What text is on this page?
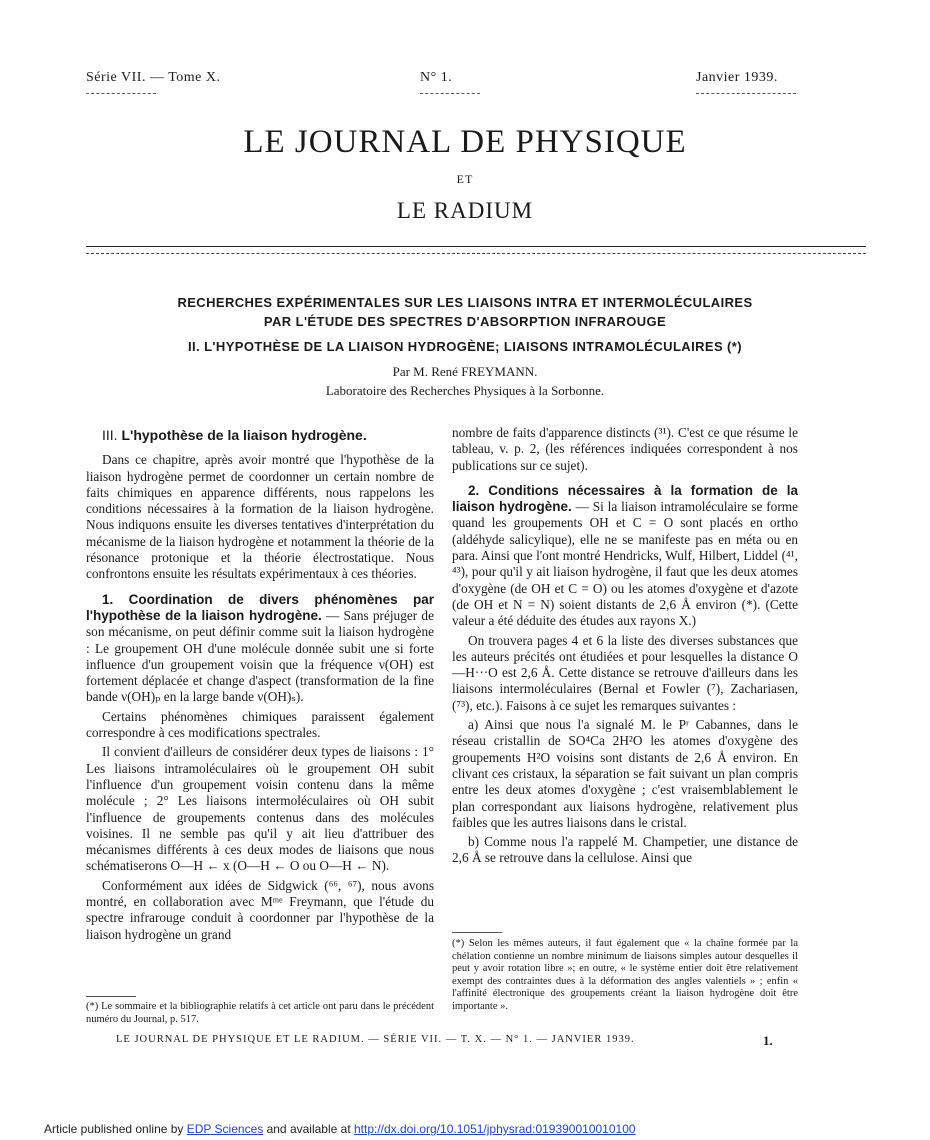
Série VII. — Tome X.	N° 1.	Janvier 1939.
LE JOURNAL DE PHYSIQUE
ET
LE RADIUM
RECHERCHES EXPÉRIMENTALES SUR LES LIAISONS INTRA ET INTERMOLÉCULAIRES
PAR L'ÉTUDE DES SPECTRES D'ABSORPTION INFRAROUGE
II. L'HYPOTHÈSE DE LA LIAISON HYDROGÈNE; LIAISONS INTRAMOLÉCULAIRES (*)
Par M. René FREYMANN.
Laboratoire des Recherches Physiques à la Sorbonne.
III. L'hypothèse de la liaison hydrogène.

Dans ce chapitre, après avoir montré que l'hypothèse de la liaison hydrogène permet de coordonner un certain nombre de faits chimiques en apparence différents, nous rappelons les conditions nécessaires à la formation de la liaison hydrogène. Nous indiquons ensuite les diverses tentatives d'interprétation du mécanisme de la liaison hydrogène et notamment la théorie de la résonance protonique et la théorie électrostatique. Nous confrontons ensuite les résultats expérimentaux à ces théories.

1. Coordination de divers phénomènes par l'hypothèse de la liaison hydrogène. — Sans préjuger de son mécanisme, on peut définir comme suit la liaison hydrogène : Le groupement OH d'une molécule donnée subit une si forte influence d'un groupement voisin que la fréquence ν(OH) est fortement déplacée et change d'aspect (transformation de la fine bande ν(OH)ₚ en la large bande ν(OH)ₛ).

Certains phénomènes chimiques paraissent également correspondre à ces modifications spectrales.

Il convient d'ailleurs de considérer deux types de liaisons : 1° Les liaisons intramoléculaires où le groupement OH subit l'influence d'un groupement voisin contenu dans la même molécule ; 2° Les liaisons intermoléculaires où OH subit l'influence de groupements contenus dans des molécules voisines. Il ne semble pas qu'il y ait lieu d'attribuer des mécanismes différents à ces deux modes de liaisons que nous schématiserons O—H ← x (O—H ← O ou O—H ← N).

Conformément aux idées de Sidgwick (⁶⁶, ⁶⁷), nous avons montré, en collaboration avec Mᵐᵉ Freymann, que l'étude du spectre infrarouge conduit à coordonner par l'hypothèse de la liaison hydrogène un grand

(*) Le sommaire et la bibliographie relatifs à cet article ont paru dans le précédent numéro du Journal, p. 517.

nombre de faits d'apparence distincts (³¹). C'est ce que résume le tableau, v. p. 2, (les références indiquées correspondent à nos publications sur ce sujet).

2. Conditions nécessaires à la formation de la liaison hydrogène. — Si la liaison intramoléculaire se forme quand les groupements OH et C = O sont placés en ortho (aldéhyde salicylique), elle ne se manifeste pas en méta ou en para. Ainsi que l'ont montré Hendricks, Wulf, Hilbert, Liddel (⁴¹, ⁴³), pour qu'il y ait liaison hydrogène, il faut que les deux atomes d'oxygène (de OH et C = O) ou les atomes d'oxygène et d'azote (de OH et N = N) soient distants de 2,6 Å environ (*). (Cette valeur a été déduite des études aux rayons X.)

On trouvera pages 4 et 6 la liste des diverses substances que les auteurs précités ont étudiées et pour lesquelles la distance O—H···O est 2,6 Å. Cette distance se retrouve d'ailleurs dans les liaisons intermoléculaires (Bernal et Fowler (⁷), Zachariasen, (⁷³), etc.). Faisons à ce sujet les remarques suivantes :

a) Ainsi que nous l'a signalé M. le Pʳ Cabannes, dans le réseau cristallin de SO⁴Ca 2H²O les atomes d'oxygène des groupements H²O voisins sont distants de 2,6 Å environ. En clivant ces cristaux, la séparation se fait suivant un plan compris entre les deux atomes d'oxygène ; c'est vraisemblablement le plan correspondant aux liaisons hydrogène, relativement plus faibles que les autres liaisons dans le cristal.

b) Comme nous l'a rappelé M. Champetier, une distance de 2,6 Å se retrouve dans la cellulose. Ainsi que

(*) Selon les mêmes auteurs, il faut également que « la chaîne formée par la chélation contienne un nombre minimum de liaisons simples autour desquelles il peut y avoir rotation libre »; en outre, « le système entier doit être relativement exempt des contraintes dues à la déformation des angles valentiels » ; enfin « l'affinité électronique des groupements créant la liaison hydrogène doit être importante ».
LE JOURNAL DE PHYSIQUE ET LE RADIUM. — SÉRIE VII. — T. X. — N° 1. — JANVIER 1939.	1.
Article published online by EDP Sciences and available at http://dx.doi.org/10.1051/jphysrad:019390010010100
